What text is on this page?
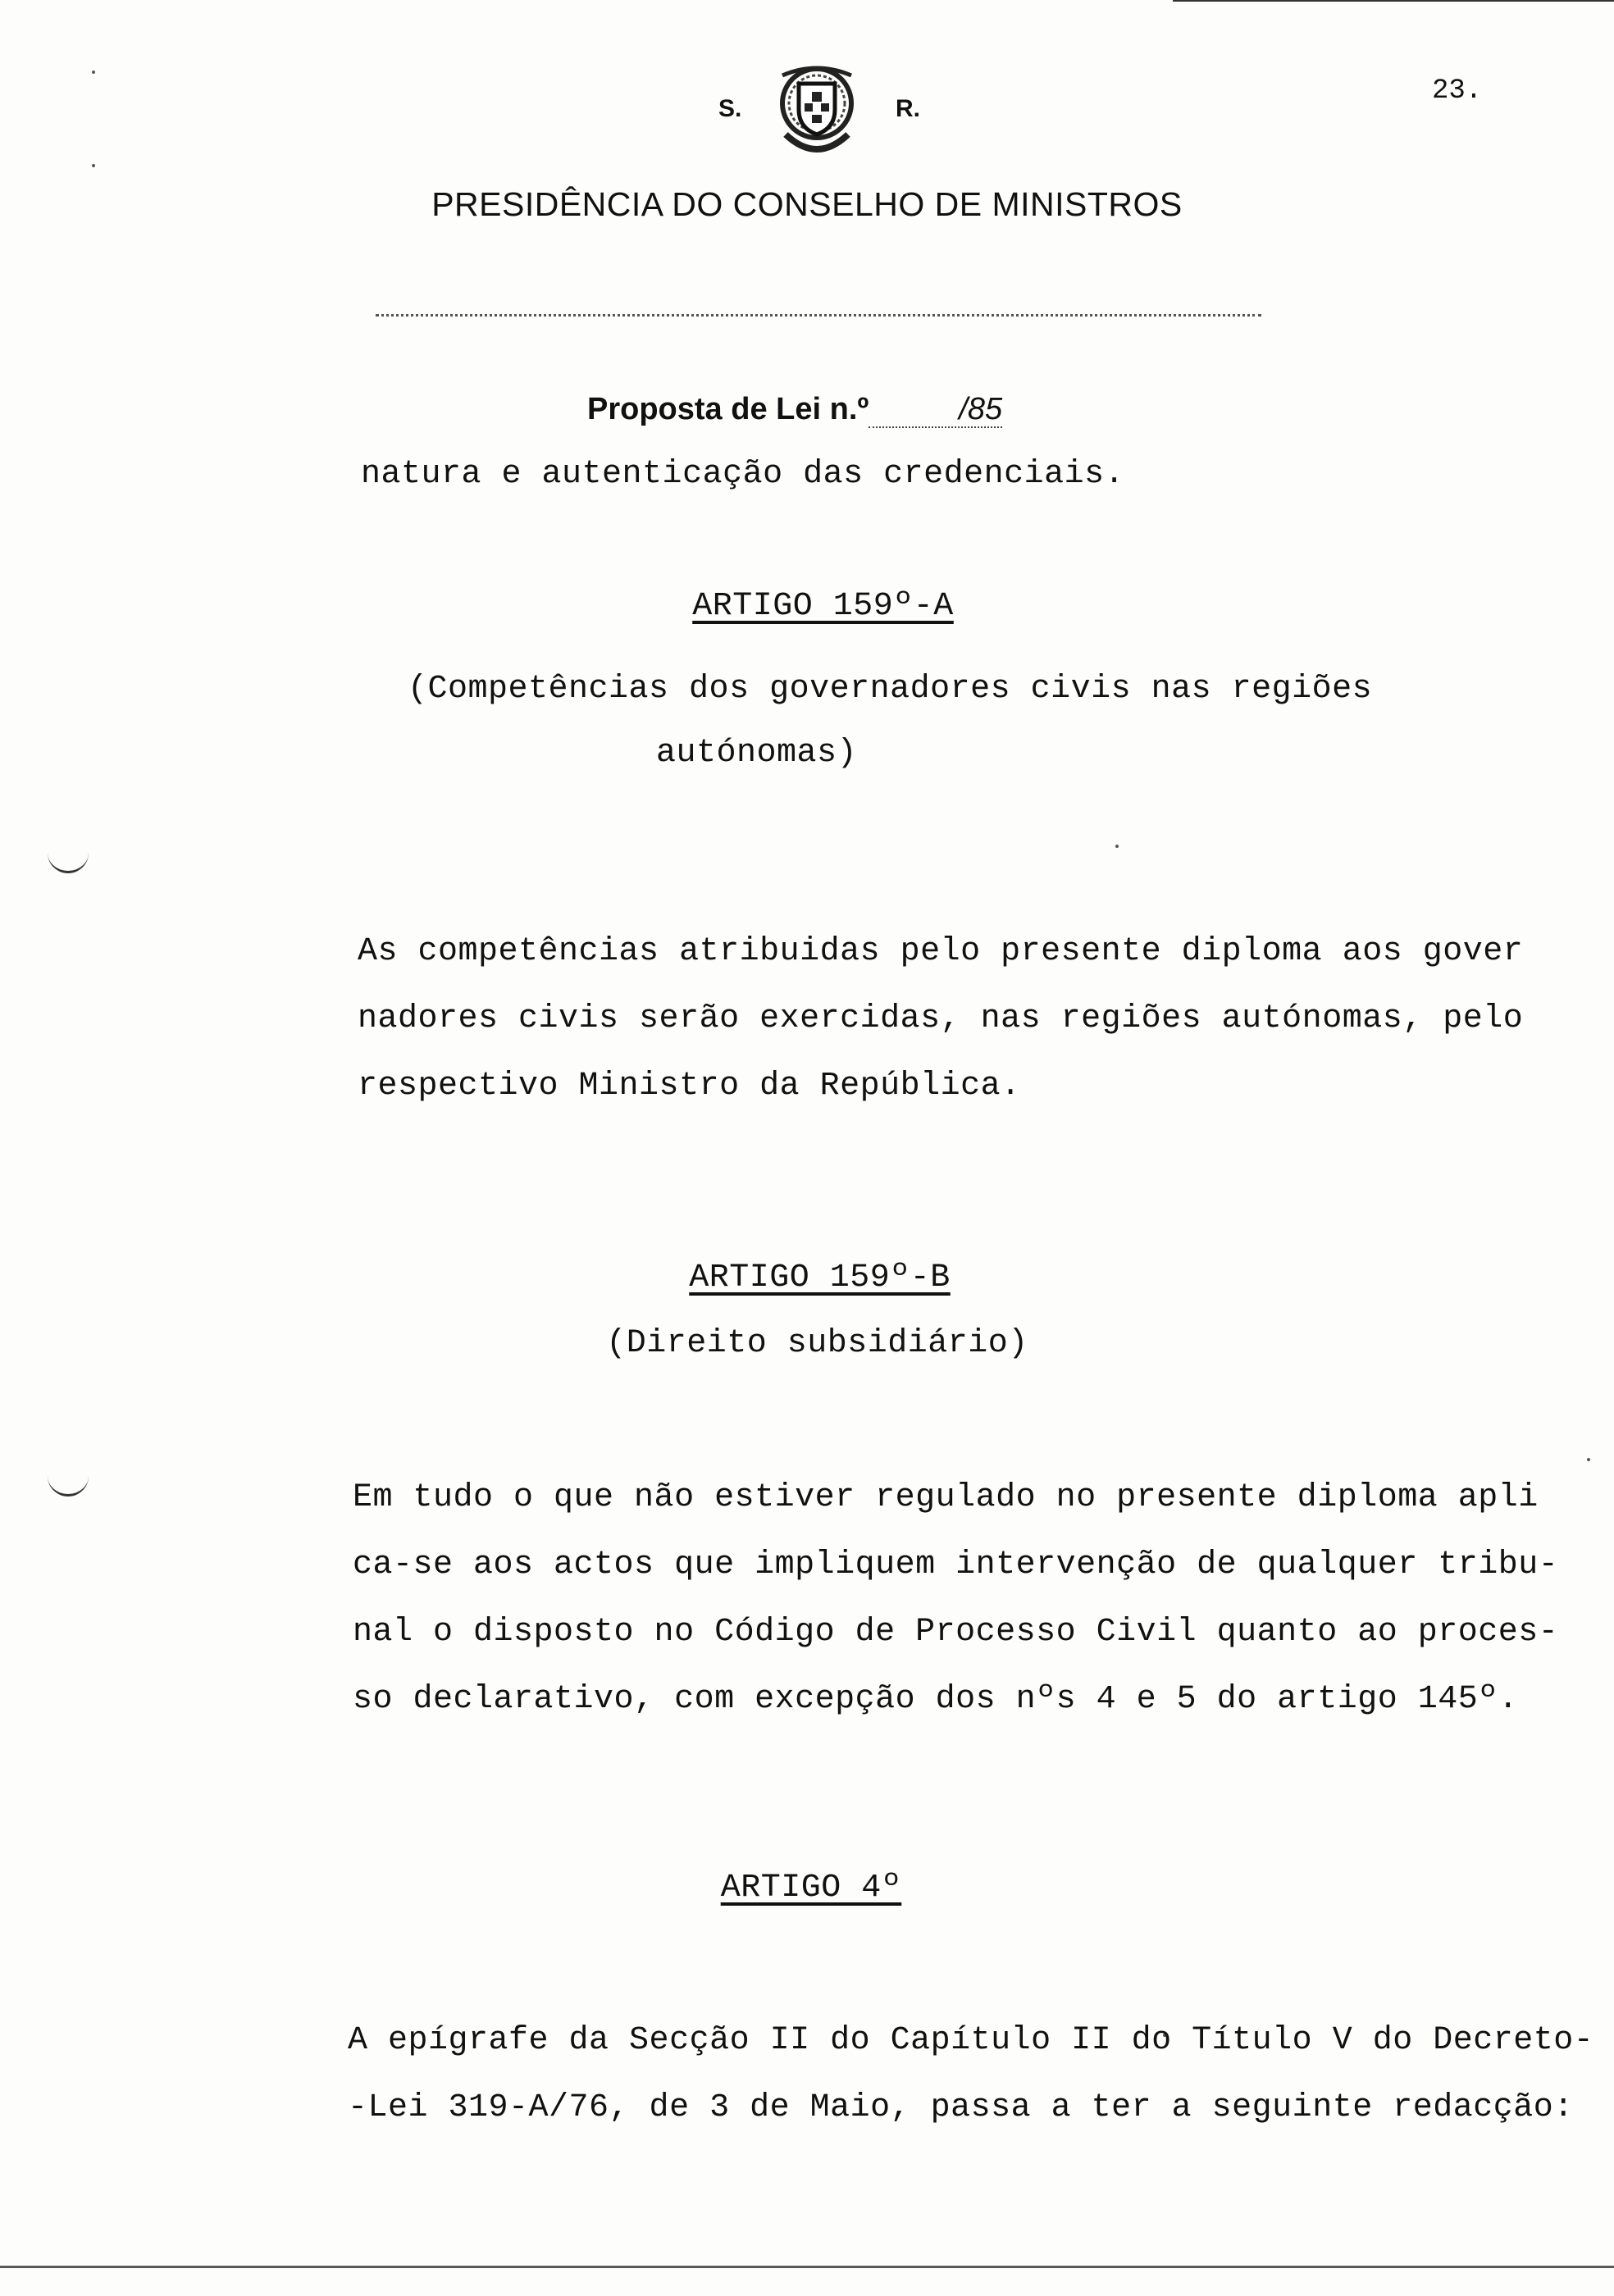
S.	R.
23.
PRESIDÊNCIA DO CONSELHO DE MINISTROS
Proposta de Lei n.º	/85
natura e autenticação das credenciais.
ARTIGO 159º-A
(Competências dos governadores civis nas regiões
autónomas)

As competências atribuidas pelo presente diploma aos gover

nadores civis serão exercidas, nas regiões autónomas, pelo

respectivo Ministro da República.

ARTIGO 159º-B
(Direito subsidiário)

Em tudo o que não estiver regulado no presente diploma apli

ca-se aos actos que impliquem intervenção de qualquer tribu-

nal o disposto no Código de Processo Civil quanto ao proces-

so declarativo, com excepção dos nºs 4 e 5 do artigo 145º.

ARTIGO 4º

A epígrafe da Secção II do Capítulo II do Título V do Decreto-

-Lei 319-A/76, de 3 de Maio, passa a ter a seguinte redacção:
